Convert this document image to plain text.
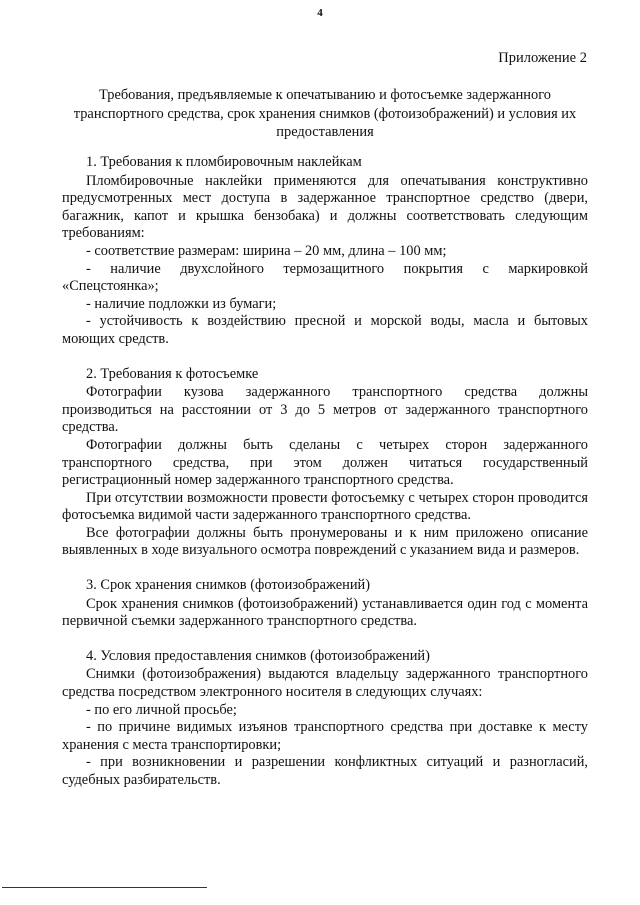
4
Приложение 2
Требования, предъявляемые к опечатыванию и фотосъемке задержанного транспортного средства, срок хранения снимков (фотоизображений) и условия их предоставления

1. Требования к пломбировочным наклейкам

Пломбировочные наклейки применяются для опечатывания конструктивно предусмотренных мест доступа в задержанное транспортное средство (двери, багажник, капот и крышка бензобака) и должны соответствовать следующим требованиям:

- соответствие размерам: ширина – 20 мм, длина – 100 мм;

- наличие двухслойного термозащитного покрытия с маркировкой «Спецстоянка»;

- наличие подложки из бумаги;

- устойчивость к воздействию пресной и морской воды, масла и бытовых моющих средств.

2. Требования к фотосъемке

Фотографии кузова задержанного транспортного средства должны производиться на расстоянии от 3 до 5 метров от задержанного транспортного средства.

Фотографии должны быть сделаны с четырех сторон задержанного транспортного средства, при этом должен читаться государственный регистрационный номер задержанного транспортного средства.

При отсутствии возможности провести фотосъемку с четырех сторон проводится фотосъемка видимой части задержанного транспортного средства.

Все фотографии должны быть пронумерованы и к ним приложено описание выявленных в ходе визуального осмотра повреждений с указанием вида и размеров.

3. Срок хранения снимков (фотоизображений)

Срок хранения снимков (фотоизображений) устанавливается один год с момента первичной съемки задержанного транспортного средства.

4. Условия предоставления снимков (фотоизображений)

Снимки (фотоизображения) выдаются владельцу задержанного транспортного средства посредством электронного носителя в следующих случаях:

- по его личной просьбе;

- по причине видимых изъянов транспортного средства при доставке к месту хранения с места транспортировки;

- при возникновении и разрешении конфликтных ситуаций и разногласий, судебных разбирательств.
